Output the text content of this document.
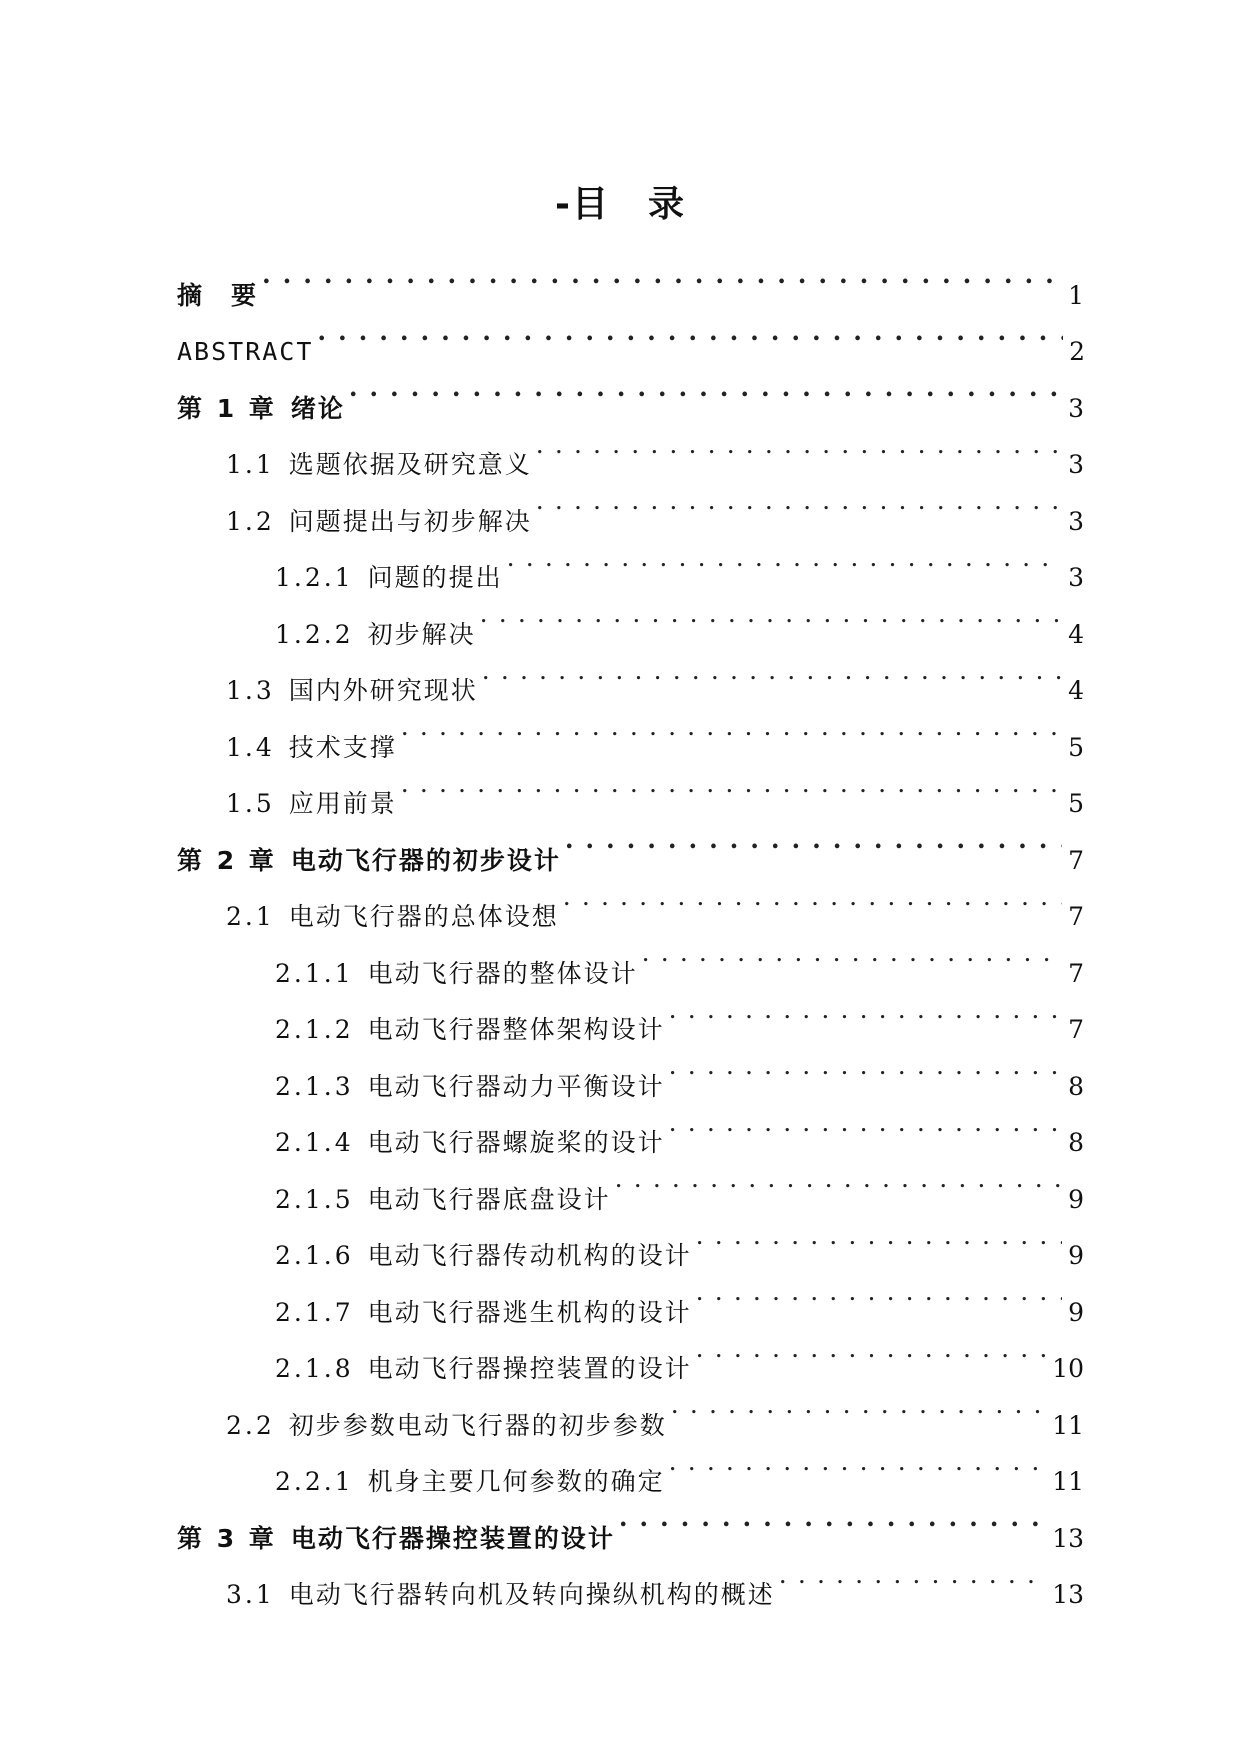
-目　录
摘　要 . . .	1
ABSTRACT . . .	2
第 1 章 绪论 . . .	3
1.1 选题依据及研究意义 . . .	3
1.2 问题提出与初步解决 . . .	3
1.2.1 问题的提出 . . .	3
1.2.2 初步解决 . . .	4
1.3 国内外研究现状 . . .	4
1.4 技术支撑 . . .	5
1.5 应用前景 . . .	5
第 2 章 电动飞行器的初步设计 . . .	7
2.1 电动飞行器的总体设想 . . .	7
2.1.1 电动飞行器的整体设计 . . .	7
2.1.2 电动飞行器整体架构设计 . . .	7
2.1.3 电动飞行器动力平衡设计 . . .	8
2.1.4 电动飞行器螺旋桨的设计 . . .	8
2.1.5 电动飞行器底盘设计 . . .	9
2.1.6 电动飞行器传动机构的设计 . . .	9
2.1.7 电动飞行器逃生机构的设计 . . .	9
2.1.8 电动飞行器操控装置的设计 . . .	10
2.2 初步参数电动飞行器的初步参数 . . .	11
2.2.1 机身主要几何参数的确定 . . .	11
第 3 章 电动飞行器操控装置的设计 . . .	13
3.1 电动飞行器转向机及转向操纵机构的概述 . . .	13
